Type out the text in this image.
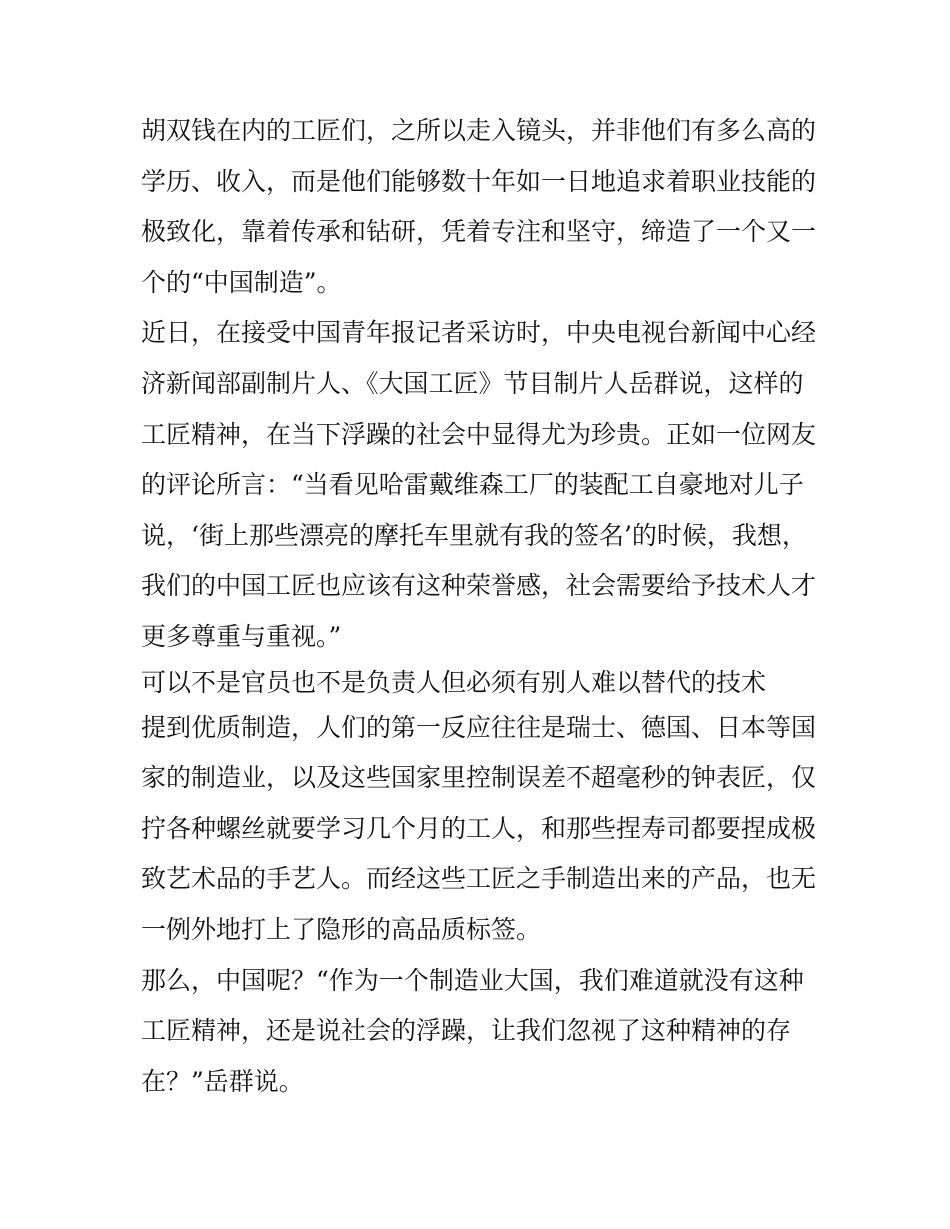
胡双钱在内的工匠们，之所以走入镜头，并非他们有多么高的
学历、收入，而是他们能够数十年如一日地追求着职业技能的
极致化，靠着传承和钻研，凭着专注和坚守，缔造了一个又一
个的“中国制造”。
近日，在接受中国青年报记者采访时，中央电视台新闻中心经
济新闻部副制片人、《大国工匠》节目制片人岳群说，这样的
工匠精神，在当下浮躁的社会中显得尤为珍贵。正如一位网友
的评论所言：“当看见哈雷戴维森工厂的装配工自豪地对儿子
说，‘街上那些漂亮的摩托车里就有我的签名’的时候，我想，
我们的中国工匠也应该有这种荣誉感，社会需要给予技术人才
更多尊重与重视。”
可以不是官员也不是负责人但必须有别人难以替代的技术
提到优质制造，人们的第一反应往往是瑞士、德国、日本等国
家的制造业，以及这些国家里控制误差不超毫秒的钟表匠，仅
拧各种螺丝就要学习几个月的工人，和那些捏寿司都要捏成极
致艺术品的手艺人。而经这些工匠之手制造出来的产品，也无
一例外地打上了隐形的高品质标签。
那么，中国呢？“作为一个制造业大国，我们难道就没有这种
工匠精神，还是说社会的浮躁，让我们忽视了这种精神的存
在？”岳群说。
